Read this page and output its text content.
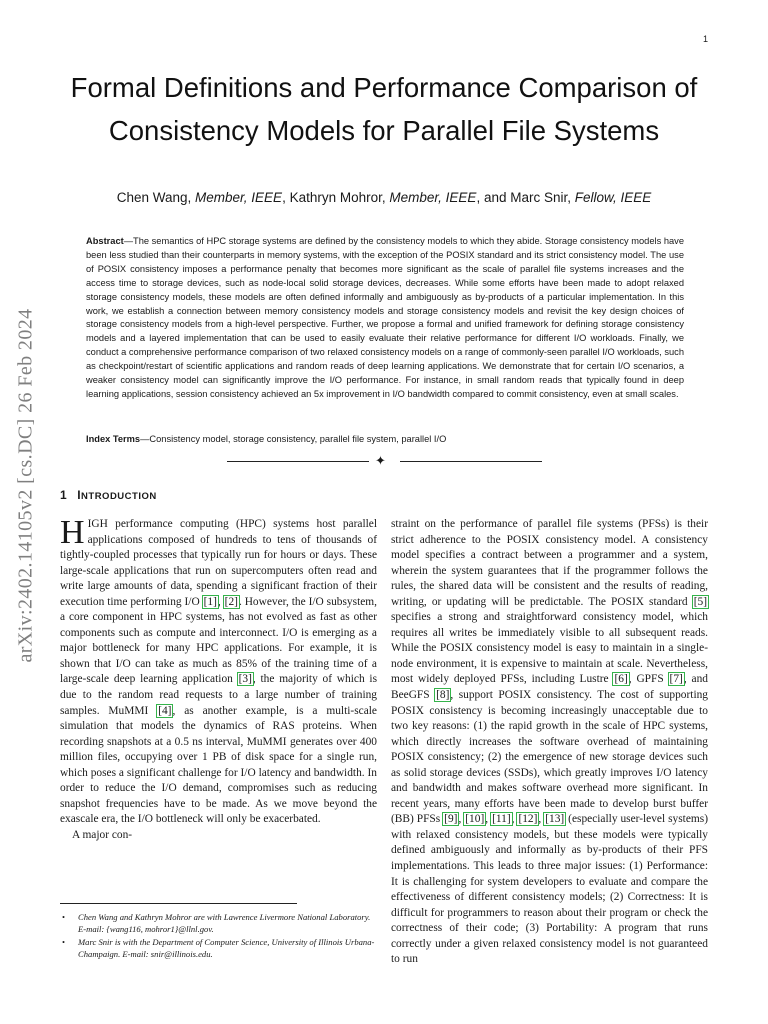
1
arXiv:2402.14105v2 [cs.DC] 26 Feb 2024
Formal Definitions and Performance Comparison of Consistency Models for Parallel File Systems
Chen Wang, Member, IEEE, Kathryn Mohror, Member, IEEE, and Marc Snir, Fellow, IEEE

Abstract—The semantics of HPC storage systems are defined by the consistency models to which they abide. Storage consistency models have been less studied than their counterparts in memory systems, with the exception of the POSIX standard and its strict consistency model. The use of POSIX consistency imposes a performance penalty that becomes more significant as the scale of parallel file systems increases and the access time to storage devices, such as node-local solid storage devices, decreases. While some efforts have been made to adopt relaxed storage consistency models, these models are often defined informally and ambiguously as by-products of a particular implementation. In this work, we establish a connection between memory consistency models and storage consistency models and revisit the key design choices of storage consistency models from a high-level perspective. Further, we propose a formal and unified framework for defining storage consistency models and a layered implementation that can be used to easily evaluate their relative performance for different I/O workloads. Finally, we conduct a comprehensive performance comparison of two relaxed consistency models on a range of commonly-seen parallel I/O workloads, such as checkpoint/restart of scientific applications and random reads of deep learning applications. We demonstrate that for certain I/O scenarios, a weaker consistency model can significantly improve the I/O performance. For instance, in small random reads that typically found in deep learning applications, session consistency achieved an 5x improvement in I/O bandwidth compared to commit consistency, even at small scales.

Index Terms—Consistency model, storage consistency, parallel file system, parallel I/O

✦
1 INTRODUCTION

HIGH performance computing (HPC) systems host parallel applications composed of hundreds to tens of thousands of tightly-coupled processes that typically run for hours or days. These large-scale applications that run on supercomputers often read and write large amounts of data, spending a significant fraction of their execution time performing I/O [1], [2]. However, the I/O subsystem, a core component in HPC systems, has not evolved as fast as other components such as compute and interconnect. I/O is emerging as a major bottleneck for many HPC applications. For example, it is shown that I/O can take as much as 85% of the training time of a large-scale deep learning application [3], the majority of which is due to the random read requests to a large number of training samples. MuMMI [4], as another example, is a multi-scale simulation that models the dynamics of RAS proteins. When recording snapshots at a 0.5 ns interval, MuMMI generates over 400 million files, occupying over 1 PB of disk space for a single run, which poses a significant challenge for I/O latency and bandwidth. In order to reduce the I/O demand, compromises such as reducing snapshot frequencies have to be made. As we move beyond the exascale era, the I/O bottleneck will only be exacerbated.

A major con-

straint on the performance of parallel file systems (PFSs) is their strict adherence to the POSIX consistency model. A consistency model specifies a contract between a programmer and a system, wherein the system guarantees that if the programmer follows the rules, the shared data will be consistent and the results of reading, writing, or updating will be predictable. The POSIX standard [5] specifies a strong and straightforward consistency model, which requires all writes be immediately visible to all subsequent reads. While the POSIX consistency model is easy to maintain in a single-node environment, it is expensive to maintain at scale. Nevertheless, most widely deployed PFSs, including Lustre [6], GPFS [7], and BeeGFS [8], support POSIX consistency. The cost of supporting POSIX consistency is becoming increasingly unacceptable due to two key reasons: (1) the rapid growth in the scale of HPC systems, which directly increases the software overhead of maintaining POSIX consistency; (2) the emergence of new storage devices such as solid storage devices (SSDs), which greatly improves I/O latency and bandwidth and makes software overhead more significant. In recent years, many efforts have been made to develop burst buffer (BB) PFSs [9], [10], [11], [12], [13] (especially user-level systems) with relaxed consistency models, but these models were typically defined ambiguously and informally as by-products of their PFS implementations. This leads to three major issues: (1) Performance: It is challenging for system developers to evaluate and compare the effectiveness of different consistency models; (2) Correctness: It is difficult for programmers to reason about their program or check the correctness of their code; (3) Portability: A program that runs correctly under a given relaxed consistency model is not guaranteed to run

• Chen Wang and Kathryn Mohror are with Lawrence Livermore National Laboratory. E-mail: {wang116, mohror1}@llnl.gov.
• Marc Snir is with the Department of Computer Science, University of Illinois Urbana-Champaign. E-mail: snir@illinois.edu.
